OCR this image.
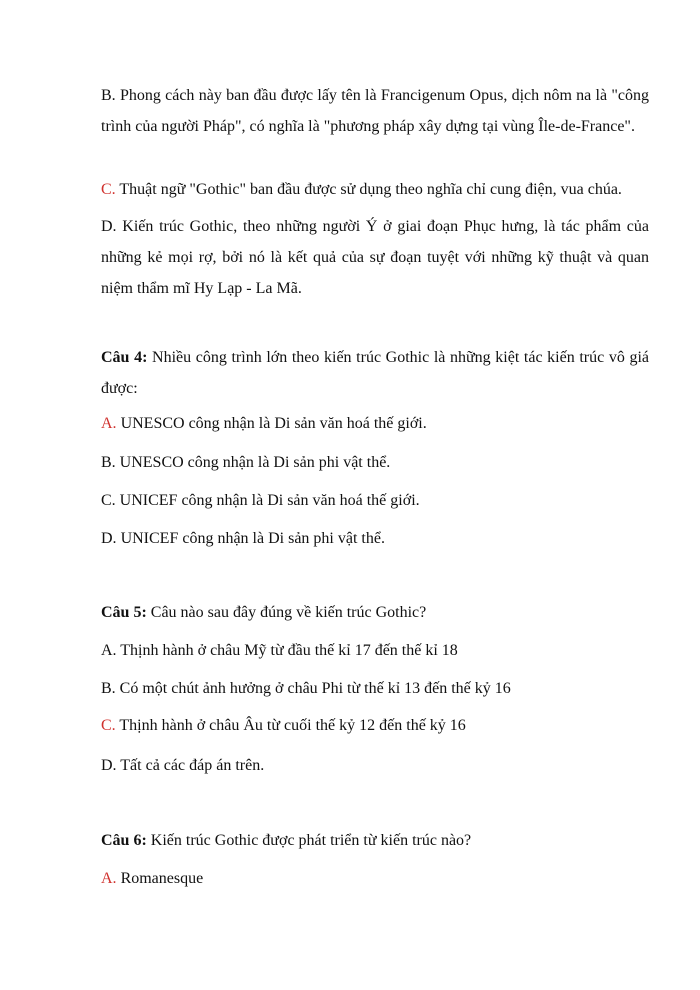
B. Phong cách này ban đầu được lấy tên là Francigenum Opus, dịch nôm na là "công trình của người Pháp", có nghĩa là "phương pháp xây dựng tại vùng Île-de-France".

C. Thuật ngữ "Gothic" ban đầu được sử dụng theo nghĩa chỉ cung điện, vua chúa.

D. Kiến trúc Gothic, theo những người Ý ở giai đoạn Phục hưng, là tác phẩm của những kẻ mọi rợ, bởi nó là kết quả của sự đoạn tuyệt với những kỹ thuật và quan niệm thẩm mĩ Hy Lạp - La Mã.

Câu 4: Nhiều công trình lớn theo kiến trúc Gothic là những kiệt tác kiến trúc vô giá được:

A. UNESCO công nhận là Di sản văn hoá thế giới.

B. UNESCO công nhận là Di sản phi vật thể.

C. UNICEF công nhận là Di sản văn hoá thế giới.

D. UNICEF công nhận là Di sản phi vật thể.

Câu 5: Câu nào sau đây đúng về kiến trúc Gothic?

A. Thịnh hành ở châu Mỹ từ đầu thế kỉ 17 đến thế kỉ 18

B. Có một chút ảnh hưởng ở châu Phi từ thế kỉ 13 đến thế kỷ 16

C. Thịnh hành ở châu Âu từ cuối thế kỷ 12 đến thế kỷ 16

D. Tất cả các đáp án trên.

Câu 6: Kiến trúc Gothic được phát triển từ kiến trúc nào?

A. Romanesque
